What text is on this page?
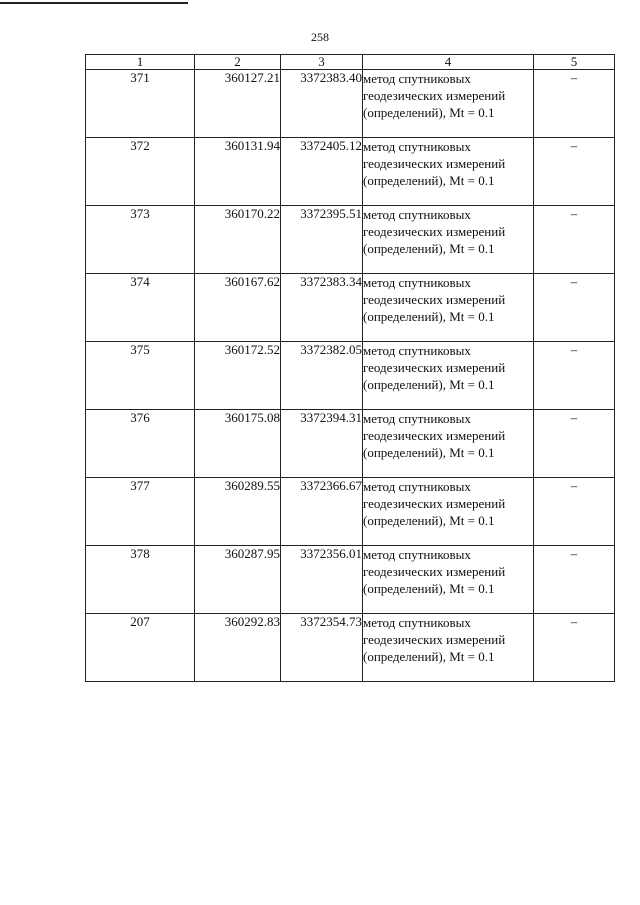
258
1	2	3	4	5
371	360127.21	3372383.40	метод спутниковых геодезических измерений (определений), Mt = 0.1	–
372	360131.94	3372405.12	метод спутниковых геодезических измерений (определений), Mt = 0.1	–
373	360170.22	3372395.51	метод спутниковых геодезических измерений (определений), Mt = 0.1	–
374	360167.62	3372383.34	метод спутниковых геодезических измерений (определений), Mt = 0.1	–
375	360172.52	3372382.05	метод спутниковых геодезических измерений (определений), Mt = 0.1	–
376	360175.08	3372394.31	метод спутниковых геодезических измерений (определений), Mt = 0.1	–
377	360289.55	3372366.67	метод спутниковых геодезических измерений (определений), Mt = 0.1	–
378	360287.95	3372356.01	метод спутниковых геодезических измерений (определений), Mt = 0.1	–
207	360292.83	3372354.73	метод спутниковых геодезических измерений (определений), Mt = 0.1	–
